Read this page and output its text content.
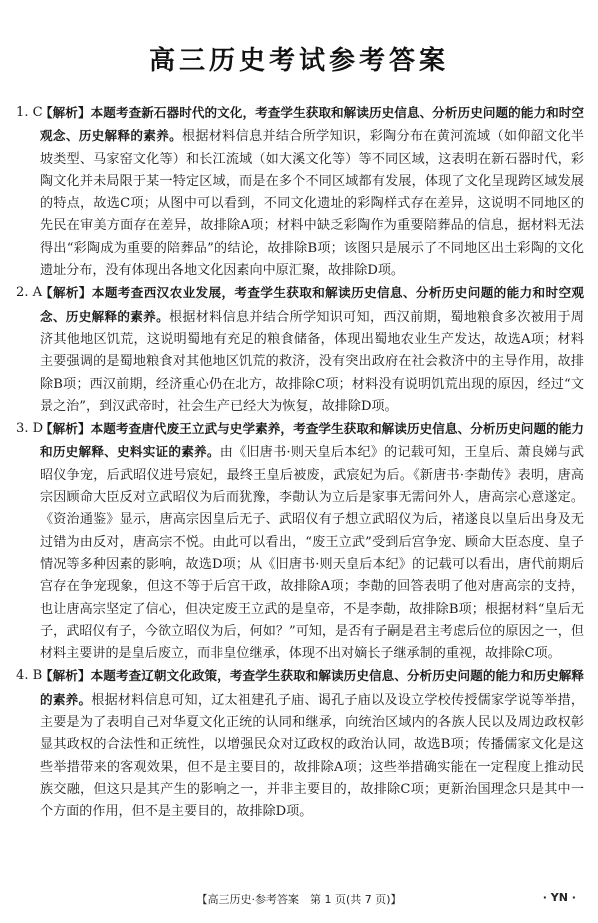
高三历史考试参考答案

1. C
【解析】本题考查新石器时代的文化，考查学生获取和解读历史信息、分析历史问题的能力和时空观念、历史解释的素养。根据材料信息并结合所学知识，彩陶分布在黄河流域（如仰韶文化半坡类型、马家窑文化等）和长江流域（如大溪文化等）等不同区域，这表明在新石器时代，彩陶文化并未局限于某一特定区域，而是在多个不同区域都有发展，体现了文化呈现跨区域发展的特点，故选C项；从图中可以看到，不同文化遗址的彩陶样式存在差异，这说明不同地区的先民在审美方面存在差异，故排除A项；材料中缺乏彩陶作为重要陪葬品的信息，据材料无法得出“彩陶成为重要的陪葬品”的结论，故排除B项；该图只是展示了不同地区出土彩陶的文化遗址分布，没有体现出各地文化因素向中原汇聚，故排除D项。

2. A
【解析】本题考查西汉农业发展，考查学生获取和解读历史信息、分析历史问题的能力和时空观念、历史解释的素养。根据材料信息并结合所学知识可知，西汉前期，蜀地粮食多次被用于周济其他地区饥荒，这说明蜀地有充足的粮食储备，体现出蜀地农业生产发达，故选A项；材料主要强调的是蜀地粮食对其他地区饥荒的救济，没有突出政府在社会救济中的主导作用，故排除B项；西汉前期，经济重心仍在北方，故排除C项；材料没有说明饥荒出现的原因，经过“文景之治”，到汉武帝时，社会生产已经大为恢复，故排除D项。

3. D
【解析】本题考查唐代废王立武与史学素养，考查学生获取和解读历史信息、分析历史问题的能力和历史解释、史料实证的素养。由《旧唐书·则天皇后本纪》的记载可知，王皇后、萧良娣与武昭仪争宠，后武昭仪进号宸妃，最终王皇后被废，武宸妃为后。《新唐书·李勣传》表明，唐高宗因顾命大臣反对立武昭仪为后而犹豫，李勣认为立后是家事无需问外人，唐高宗心意遂定。《资治通鉴》显示，唐高宗因皇后无子、武昭仪有子想立武昭仪为后，褚遂良以皇后出身及无过错为由反对，唐高宗不悦。由此可以看出，“废王立武”受到后宫争宠、顾命大臣态度、皇子情况等多种因素的影响，故选D项；从《旧唐书·则天皇后本纪》的记载可以看出，唐代前期后宫存在争宠现象，但这不等于后宫干政，故排除A项；李勣的回答表明了他对唐高宗的支持，也让唐高宗坚定了信心，但决定废王立武的是皇帝，不是李勣，故排除B项；根据材料“皇后无子，武昭仪有子，今欲立昭仪为后，何如？”可知，是否有子嗣是君主考虑后位的原因之一，但材料主要讲的是皇后废立，而非皇位继承，体现不出对嫡长子继承制的重视，故排除C项。

4. B
【解析】本题考查辽朝文化政策，考查学生获取和解读历史信息、分析历史问题的能力和历史解释的素养。根据材料信息可知，辽太祖建孔子庙、谒孔子庙以及设立学校传授儒家学说等举措，主要是为了表明自己对华夏文化正统的认同和继承，向统治区域内的各族人民以及周边政权彰显其政权的合法性和正统性，以增强民众对辽政权的政治认同，故选B项；传播儒家文化是这些举措带来的客观效果，但不是主要目的，故排除A项；这些举措确实能在一定程度上推动民族交融，但这只是其产生的影响之一，并非主要目的，故排除C项；更新治国理念只是其中一个方面的作用，但不是主要目的，故排除D项。

【高三历史·参考答案　第 1 页(共 7 页)】	· YN ·
